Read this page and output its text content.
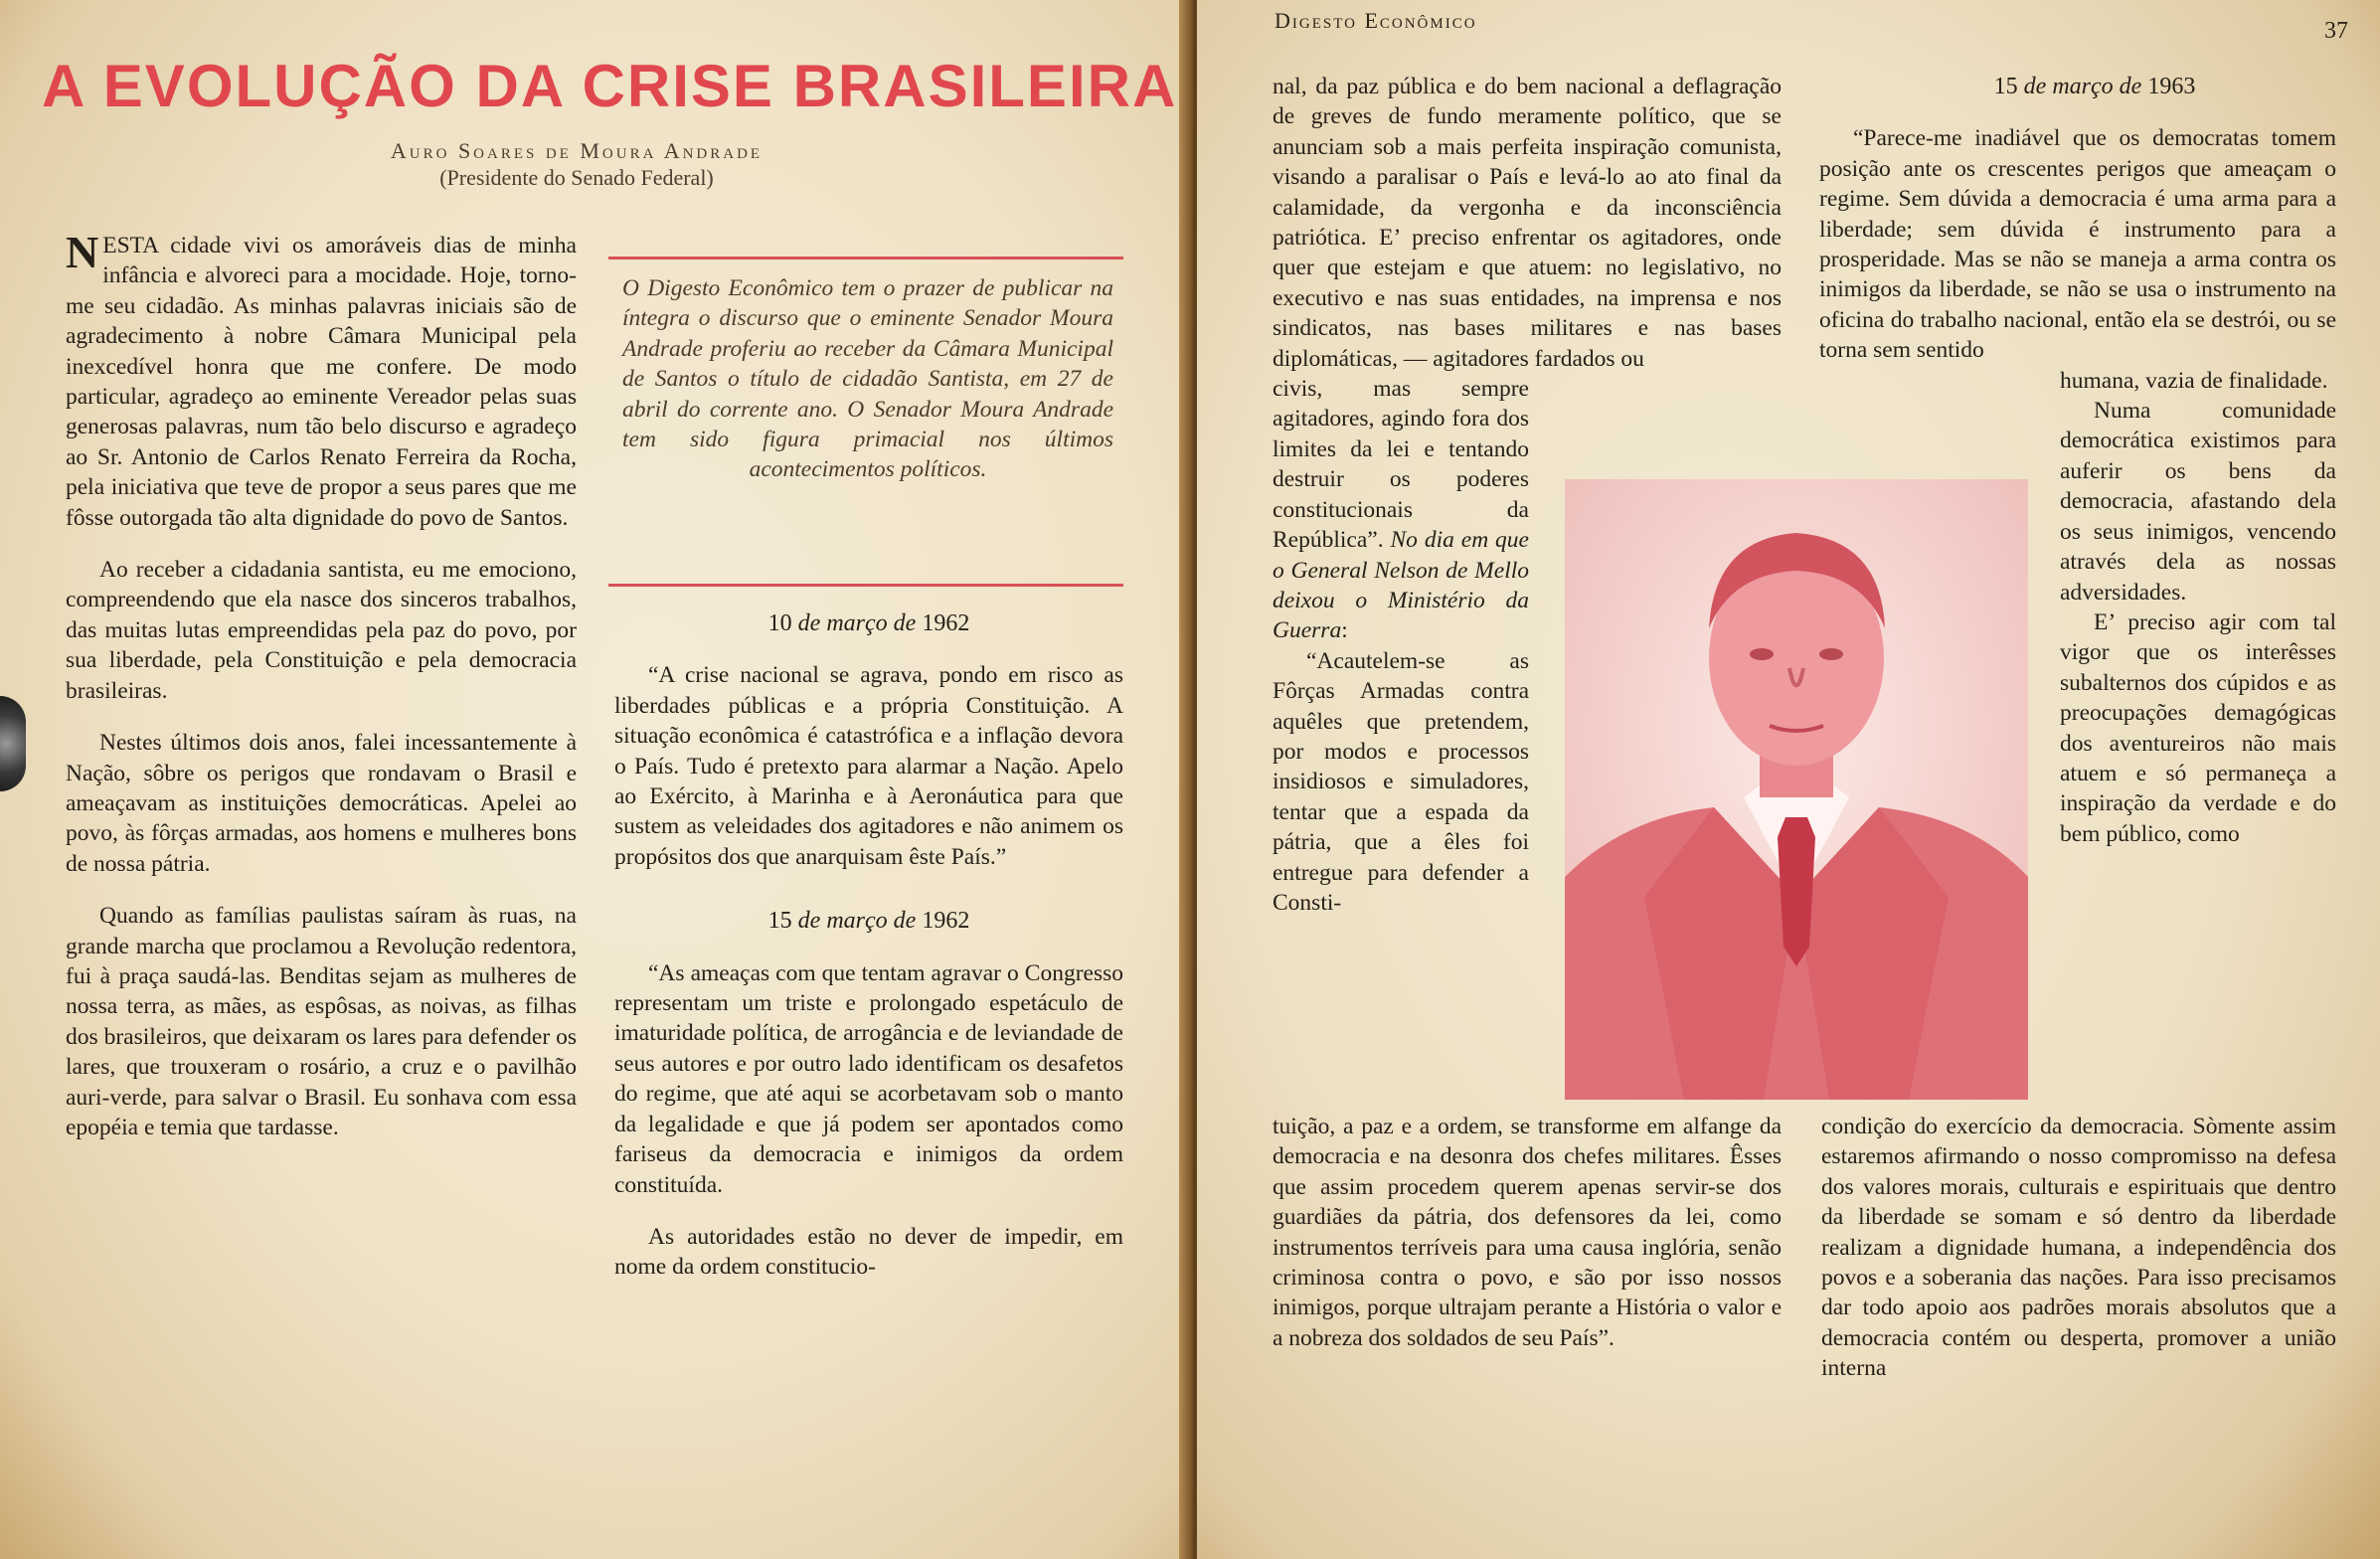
A EVOLUÇÃO DA CRISE BRASILEIRA
Auro Soares de Moura Andrade
(Presidente do Senado Federal)

NESTA cidade vivi os amoráveis dias de minha infância e alvoreci para a mocidade. Hoje, torno-me seu cidadão. As minhas palavras iniciais são de agradecimento à nobre Câmara Municipal pela inexcedível honra que me confere. De modo particular, agradeço ao eminente Vereador pelas suas generosas palavras, num tão belo discurso e agradeço ao Sr. Antonio de Carlos Renato Ferreira da Rocha, pela iniciativa que teve de propor a seus pares que me fôsse outorgada tão alta dignidade do povo de Santos.

Ao receber a cidadania santista, eu me emociono, compreendendo que ela nasce dos sinceros trabalhos, das muitas lutas empreendidas pela paz do povo, por sua liberdade, pela Constituição e pela democracia brasileiras.

Nestes últimos dois anos, falei incessantemente à Nação, sôbre os perigos que rondavam o Brasil e ameaçavam as instituições democráticas. Apelei ao povo, às fôrças armadas, aos homens e mulheres bons de nossa pátria.

Quando as famílias paulistas saíram às ruas, na grande marcha que proclamou a Revolução redentora, fui à praça saudá-las. Benditas sejam as mulheres de nossa terra, as mães, as espôsas, as noivas, as filhas dos brasileiros, que deixaram os lares para defender os lares, que trouxeram o rosário, a cruz e o pavilhão auri-verde, para salvar o Brasil. Eu sonhava com essa epopéia e temia que tardasse.

O Digesto Econômico tem o prazer de publicar na íntegra o discurso que o eminente Senador Moura Andrade proferiu ao receber da Câmara Municipal de Santos o título de cidadão Santista, em 27 de abril do corrente ano. O Senador Moura Andrade tem sido figura primacial nos últimos acontecimentos políticos.

10 de março de 1962

“A crise nacional se agrava, pondo em risco as liberdades públicas e a própria Constituição. A situação econômica é catastrófica e a inflação devora o País. Tudo é pretexto para alarmar a Nação. Apelo ao Exército, à Marinha e à Aeronáutica para que sustem as veleidades dos agitadores e não animem os propósitos dos que anarquisam êste País.”

15 de março de 1962

“As ameaças com que tentam agravar o Congresso representam um triste e prolongado espetáculo de imaturidade política, de arrogância e de leviandade de seus autores e por outro lado identificam os desafetos do regime, que até aqui se acorbetavam sob o manto da legalidade e que já podem ser apontados como fariseus da democracia e inimigos da ordem constituída.

As autoridades estão no dever de impedir, em nome da ordem constitucio-

Digesto Econômico	37

nal, da paz pública e do bem nacional a deflagração de greves de fundo meramente político, que se anunciam sob a mais perfeita inspiração comunista, visando a paralisar o País e levá-lo ao ato final da calamidade, da vergonha e da inconsciência patriótica. E’ preciso enfrentar os agitadores, onde quer que estejam e que atuem: no legislativo, no executivo e nas suas entidades, na imprensa e nos sindicatos, nas bases militares e nas bases diplomáticas, — agitadores fardados ou

civis, mas sempre agitadores, agindo fora dos limites da lei e tentando destruir os poderes constitucionais da República”. No dia em que o General Nelson de Mello deixou o Ministério da Guerra:

“Acautelem-se as Fôrças Armadas contra aquêles que pretendem, por modos e processos insidiosos e simuladores, tentar que a espada da pátria, que a êles foi entregue para defender a Consti-

15 de março de 1963

“Parece-me inadiável que os democratas tomem posição ante os crescentes perigos que ameaçam o regime. Sem dúvida a democracia é uma arma para a liberdade; sem dúvida é instrumento para a prosperidade. Mas se não se maneja a arma contra os inimigos da liberdade, se não se usa o instrumento na oficina do trabalho nacional, então ela se destrói, ou se torna sem sentido

humana, vazia de finalidade.

Numa comunidade democrática existimos para auferir os bens da democracia, afastando dela os seus inimigos, vencendo através dela as nossas adversidades.

E’ preciso agir com tal vigor que os interêsses subalternos dos cúpidos e as preocupações demagógicas dos aventureiros não mais atuem e só permaneça a inspiração da verdade e do bem público, como

tuição, a paz e a ordem, se transforme em alfange da democracia e na desonra dos chefes militares. Êsses que assim procedem querem apenas servir-se dos guardiães da pátria, dos defensores da lei, como instrumentos terríveis para uma causa inglória, senão criminosa contra o povo, e são por isso nossos inimigos, porque ultrajam perante a História o valor e a nobreza dos soldados de seu País”.

condição do exercício da democracia. Sòmente assim estaremos afirmando o nosso compromisso na defesa dos valores morais, culturais e espirituais que dentro da liberdade se somam e só dentro da liberdade realizam a dignidade humana, a independência dos povos e a soberania das nações. Para isso precisamos dar todo apoio aos padrões morais absolutos que a democracia contém ou desperta, promover a união interna
